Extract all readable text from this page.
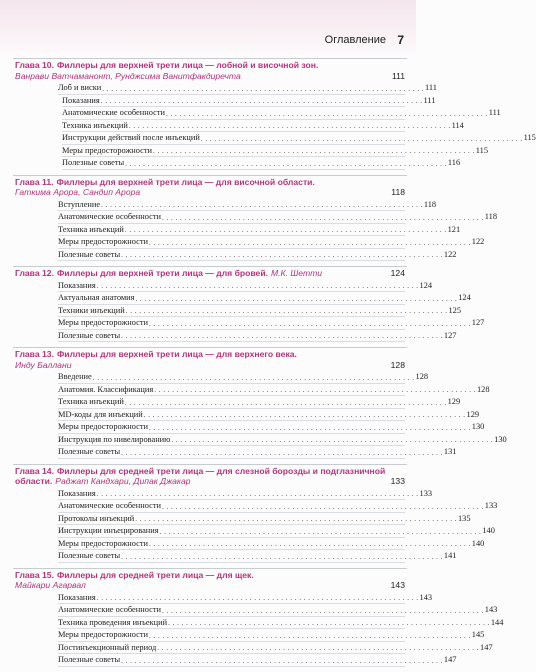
Оглавление 7
Глава 10. Филлеры для верхней трети лица — лобной и височной зон.
Ванрави Ватчаманонт, Рунджсима Ванитфакдиречта	111
Лоб и виски . . . . . . . . . . . . . . . . . . . . . . . . . . . . . . . . . . . . . . . . . . . . . . . . . . . . . . . . . . . . . . . . . . . . . . . . 111
Показания . . . . . . . . . . . . . . . . . . . . . . . . . . . . . . . . . . . . . . . . . . . . . . . . . . . . . . . . . . . . . . . . . . . . . . . . 111
Анатомические особенности . . . . . . . . . . . . . . . . . . . . . . . . . . . . . . . . . . . . . . . . . . . . . . . . . . . . . . . . . . . . . . . . . . . . . . . . 111
Техника инъекций . . . . . . . . . . . . . . . . . . . . . . . . . . . . . . . . . . . . . . . . . . . . . . . . . . . . . . . . . . . . . . . . . . . . . . . . 114
Инструкции действий после инъекций . . . . . . . . . . . . . . . . . . . . . . . . . . . . . . . . . . . . . . . . . . . . . . . . . . . . . . . . . . . . . . . . . . . . . . . . 115
Меры предосторожности . . . . . . . . . . . . . . . . . . . . . . . . . . . . . . . . . . . . . . . . . . . . . . . . . . . . . . . . . . . . . . . . . . . . . . . . 115
Полезные советы . . . . . . . . . . . . . . . . . . . . . . . . . . . . . . . . . . . . . . . . . . . . . . . . . . . . . . . . . . . . . . . . . . . . . . . . 116
Глава 11. Филлеры для верхней трети лица — для височной области.
Гаткима Арора, Сандип Арора	118
Вступление . . . . . . . . . . . . . . . . . . . . . . . . . . . . . . . . . . . . . . . . . . . . . . . . . . . . . . . . . . . . . . . . . . . . . . . . 118
Анатомические особенности . . . . . . . . . . . . . . . . . . . . . . . . . . . . . . . . . . . . . . . . . . . . . . . . . . . . . . . . . . . . . . . . . . . . . . . . 118
Техника инъекций . . . . . . . . . . . . . . . . . . . . . . . . . . . . . . . . . . . . . . . . . . . . . . . . . . . . . . . . . . . . . . . . . . . . . . . . 121
Меры предосторожности . . . . . . . . . . . . . . . . . . . . . . . . . . . . . . . . . . . . . . . . . . . . . . . . . . . . . . . . . . . . . . . . . . . . . . . . 122
Полезные советы . . . . . . . . . . . . . . . . . . . . . . . . . . . . . . . . . . . . . . . . . . . . . . . . . . . . . . . . . . . . . . . . . . . . . . . . 122
Глава 12. Филлеры для верхней трети лица — для бровей. М.К. Шетти	124
Показания . . . . . . . . . . . . . . . . . . . . . . . . . . . . . . . . . . . . . . . . . . . . . . . . . . . . . . . . . . . . . . . . . . . . . . . . 124
Актуальная анатомия . . . . . . . . . . . . . . . . . . . . . . . . . . . . . . . . . . . . . . . . . . . . . . . . . . . . . . . . . . . . . . . . . . . . . . . . 124
Техники инъекций . . . . . . . . . . . . . . . . . . . . . . . . . . . . . . . . . . . . . . . . . . . . . . . . . . . . . . . . . . . . . . . . . . . . . . . . 125
Меры предосторожности . . . . . . . . . . . . . . . . . . . . . . . . . . . . . . . . . . . . . . . . . . . . . . . . . . . . . . . . . . . . . . . . . . . . . . . . 127
Полезные советы . . . . . . . . . . . . . . . . . . . . . . . . . . . . . . . . . . . . . . . . . . . . . . . . . . . . . . . . . . . . . . . . . . . . . . . . 127
Глава 13. Филлеры для верхней трети лица — для верхнего века.
Инду Баллани	128
Введение . . . . . . . . . . . . . . . . . . . . . . . . . . . . . . . . . . . . . . . . . . . . . . . . . . . . . . . . . . . . . . . . . . . . . . . . 128
Анатомия. Классификация . . . . . . . . . . . . . . . . . . . . . . . . . . . . . . . . . . . . . . . . . . . . . . . . . . . . . . . . . . . . . . . . . . . . . . . . 128
Техника инъекций . . . . . . . . . . . . . . . . . . . . . . . . . . . . . . . . . . . . . . . . . . . . . . . . . . . . . . . . . . . . . . . . . . . . . . . . 129
MD-коды для инъекций . . . . . . . . . . . . . . . . . . . . . . . . . . . . . . . . . . . . . . . . . . . . . . . . . . . . . . . . . . . . . . . . . . . . . . . . 129
Меры предосторожности . . . . . . . . . . . . . . . . . . . . . . . . . . . . . . . . . . . . . . . . . . . . . . . . . . . . . . . . . . . . . . . . . . . . . . . . 130
Инструкция по нивелированию . . . . . . . . . . . . . . . . . . . . . . . . . . . . . . . . . . . . . . . . . . . . . . . . . . . . . . . . . . . . . . . . . . . . . . . . 130
Полезные советы . . . . . . . . . . . . . . . . . . . . . . . . . . . . . . . . . . . . . . . . . . . . . . . . . . . . . . . . . . . . . . . . . . . . . . . . 131
Глава 14. Филлеры для средней трети лица — для слезной борозды и подглазничной области. Раджат Кандхари, Дипак Джакар	133
Показания . . . . . . . . . . . . . . . . . . . . . . . . . . . . . . . . . . . . . . . . . . . . . . . . . . . . . . . . . . . . . . . . . . . . . . . . 133
Анатомические особенности . . . . . . . . . . . . . . . . . . . . . . . . . . . . . . . . . . . . . . . . . . . . . . . . . . . . . . . . . . . . . . . . . . . . . . . . 133
Протоколы инъекций . . . . . . . . . . . . . . . . . . . . . . . . . . . . . . . . . . . . . . . . . . . . . . . . . . . . . . . . . . . . . . . . . . . . . . . . 135
Инструкции инъецирования . . . . . . . . . . . . . . . . . . . . . . . . . . . . . . . . . . . . . . . . . . . . . . . . . . . . . . . . . . . . . . . . . . . . . . . . 140
Меры предосторожности . . . . . . . . . . . . . . . . . . . . . . . . . . . . . . . . . . . . . . . . . . . . . . . . . . . . . . . . . . . . . . . . . . . . . . . . 140
Полезные советы . . . . . . . . . . . . . . . . . . . . . . . . . . . . . . . . . . . . . . . . . . . . . . . . . . . . . . . . . . . . . . . . . . . . . . . . 141
Глава 15. Филлеры для средней трети лица — для щек.
Майкари Агарвал	143
Показания . . . . . . . . . . . . . . . . . . . . . . . . . . . . . . . . . . . . . . . . . . . . . . . . . . . . . . . . . . . . . . . . . . . . . . . . 143
Анатомические особенности . . . . . . . . . . . . . . . . . . . . . . . . . . . . . . . . . . . . . . . . . . . . . . . . . . . . . . . . . . . . . . . . . . . . . . . . 143
Техника проведения инъекций . . . . . . . . . . . . . . . . . . . . . . . . . . . . . . . . . . . . . . . . . . . . . . . . . . . . . . . . . . . . . . . . . . . . . . . . 144
Меры предосторожности . . . . . . . . . . . . . . . . . . . . . . . . . . . . . . . . . . . . . . . . . . . . . . . . . . . . . . . . . . . . . . . . . . . . . . . . 145
Постинъекционный период . . . . . . . . . . . . . . . . . . . . . . . . . . . . . . . . . . . . . . . . . . . . . . . . . . . . . . . . . . . . . . . . . . . . . . . . 147
Полезные советы . . . . . . . . . . . . . . . . . . . . . . . . . . . . . . . . . . . . . . . . . . . . . . . . . . . . . . . . . . . . . . . . . . . . . . . . 147
